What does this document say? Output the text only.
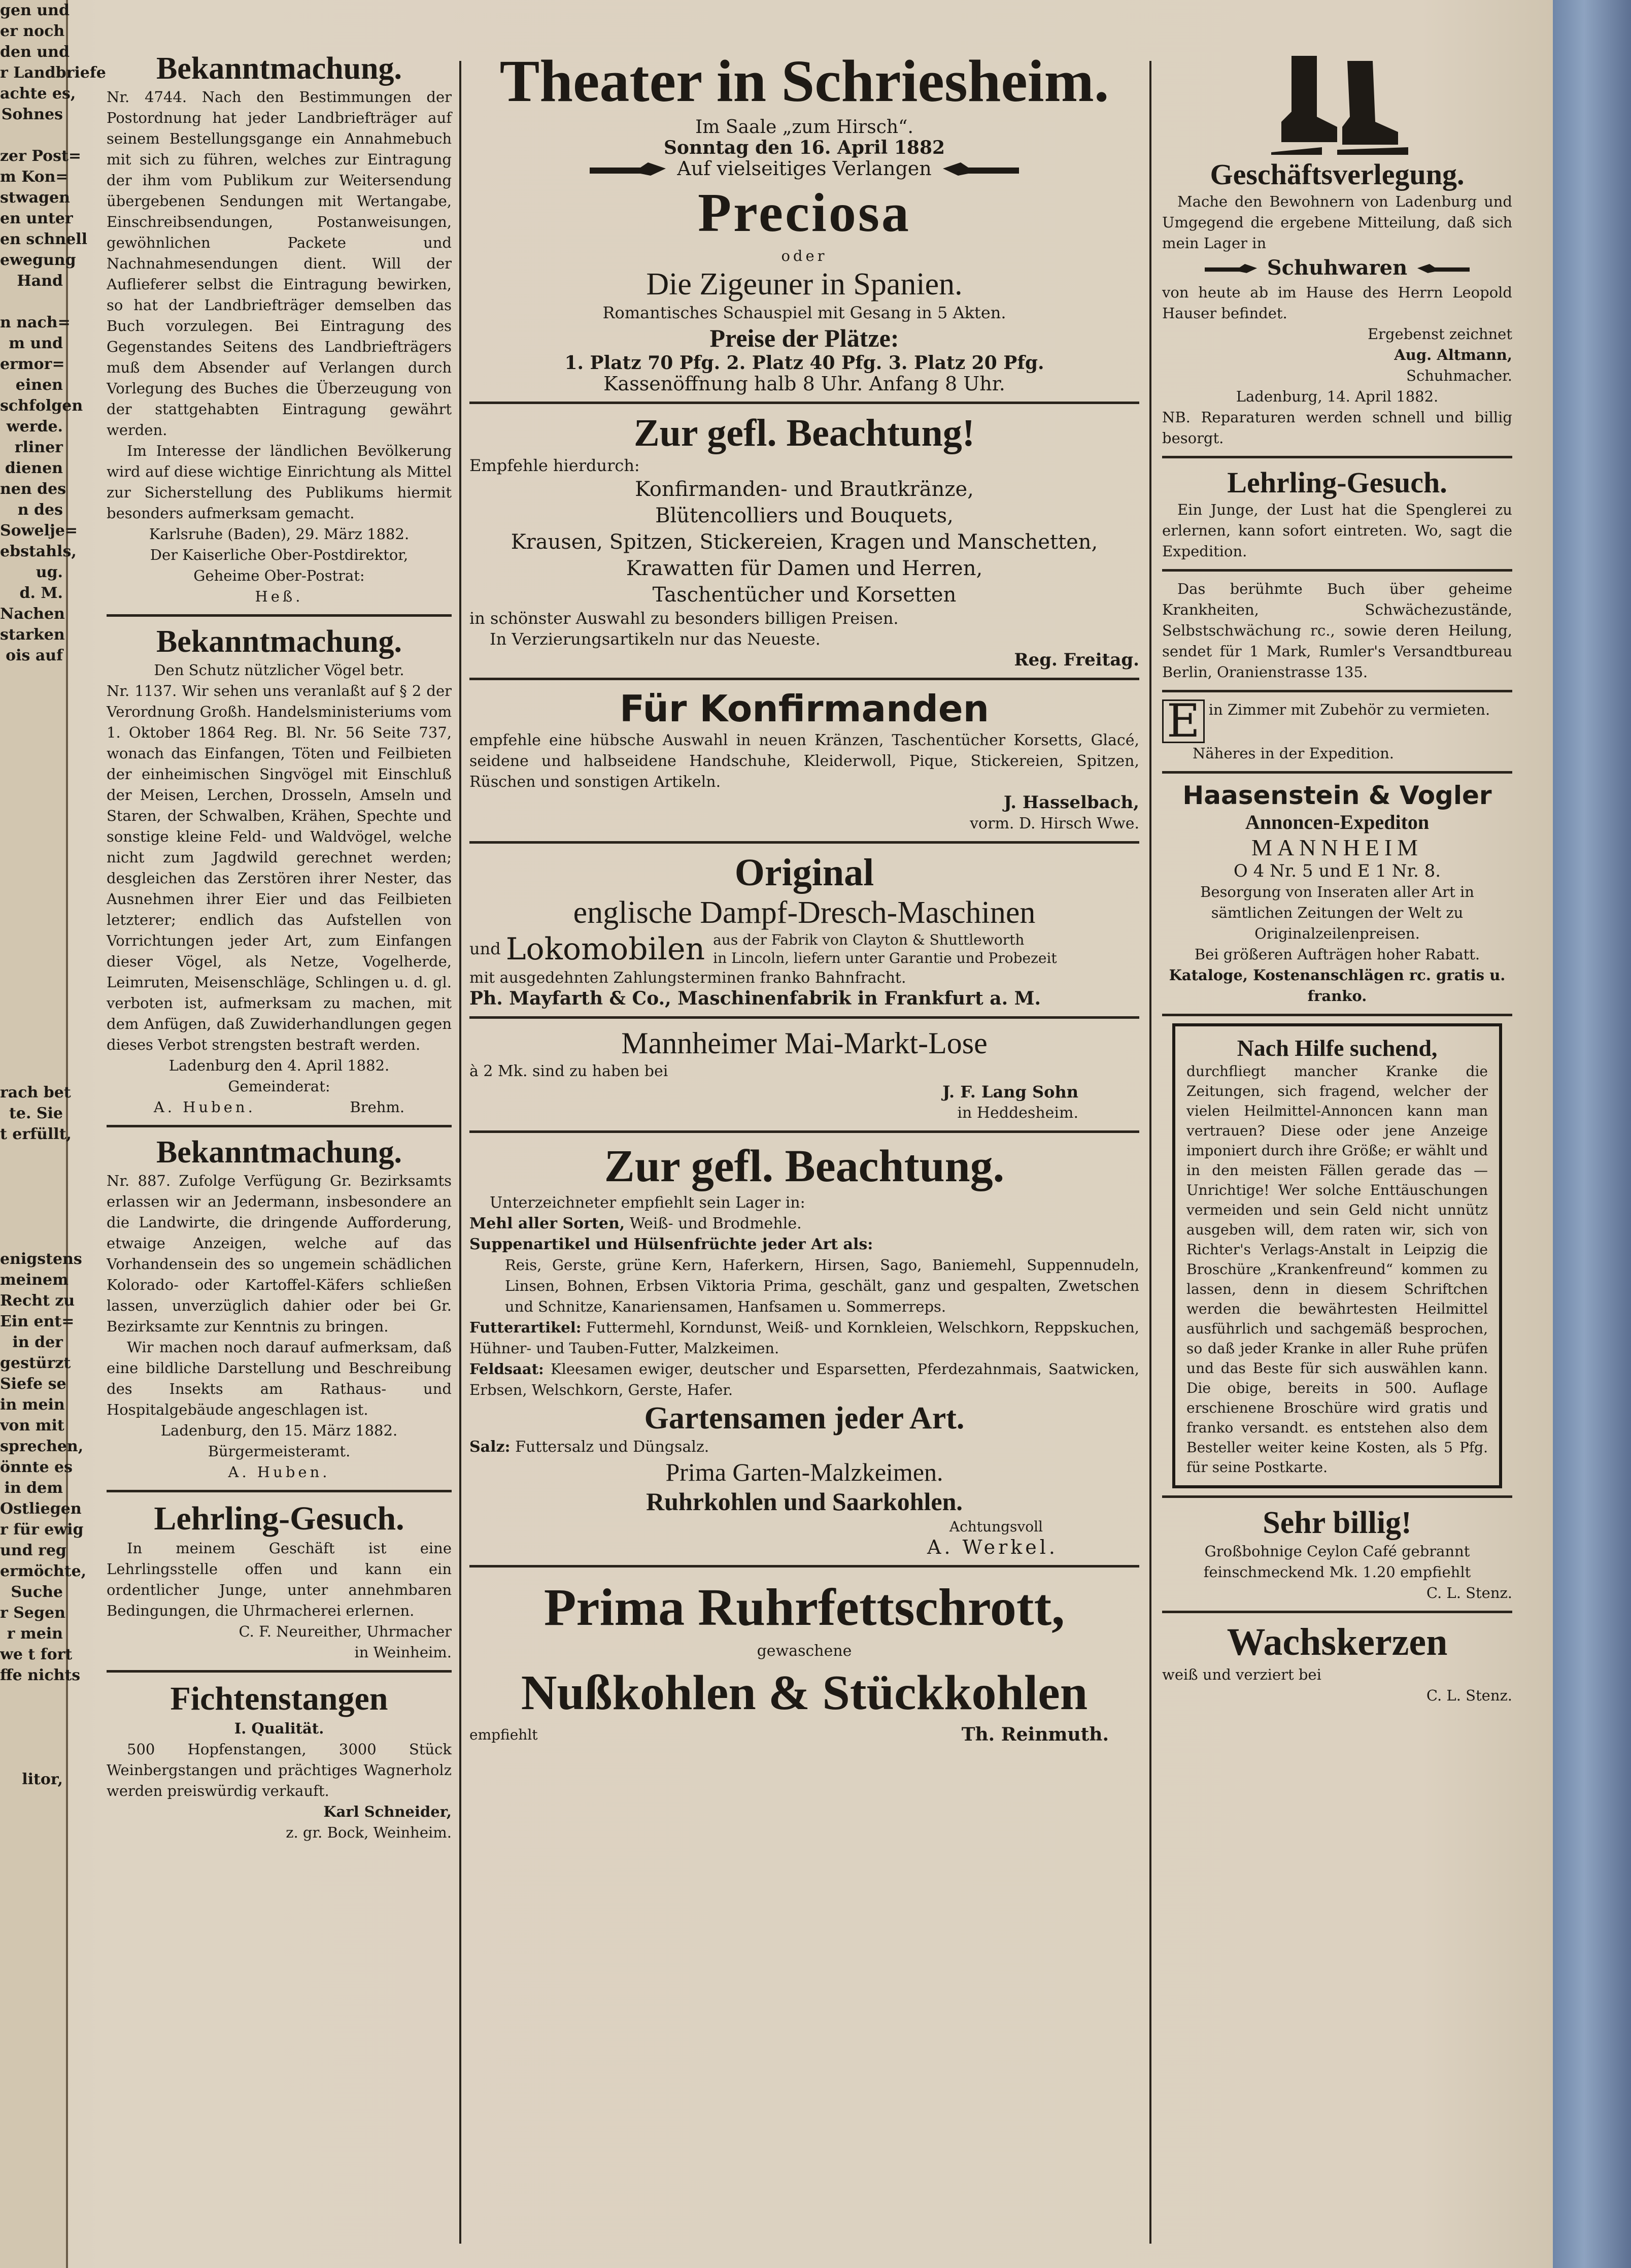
gen und
er noch
den und
r Landbriefe
achte es,
Sohnes

zer Post=
m Kon=
stwagen
en unter
en schnell
ewegung
Hand

n nach=
m und
ermor=
einen
schfolgen
werde.
rliner
dienen
nen des
n des
Sowelje=
ebstahls,
ug.
d. M.
Nachen
starken
ois auf

rach bet
te. Sie
t erfüllt,

enigstens
meinem
Recht zu
Ein ent=
in der
gestürzt
Siefe se
in mein
von mit
sprechen,
önnte es
in dem
Ostliegen
r für ewig
und reg
ermöchte,
Suche
r Segen
r mein
we t fort
ffe nichts

litor,
Bekanntmachung.
Nr. 4744. Nach den Bestimmungen der Postordnung hat jeder Landbriefträger auf seinem Bestellungsgange ein Annahmebuch mit sich zu führen, welches zur Eintragung der ihm vom Publikum zur Weitersendung übergebenen Sendungen mit Wertangabe, Einschreibsendungen, Postanweisungen, gewöhnlichen Packete und Nachnahmesendungen dient. Will der Auflieferer selbst die Eintragung bewirken, so hat der Landbriefträger demselben das Buch vorzulegen. Bei Eintragung des Gegenstandes Seitens des Landbriefträgers muß dem Absender auf Verlangen durch Vorlegung des Buches die Überzeugung von der stattgehabten Eintragung gewährt werden.
Im Interesse der ländlichen Bevölkerung wird auf diese wichtige Einrichtung als Mittel zur Sicherstellung des Publikums hiermit besonders aufmerksam gemacht.
Karlsruhe (Baden), 29. März 1882.
Der Kaiserliche Ober-Postdirektor,
Geheime Ober-Postrat:
Heß.
Bekanntmachung.
Den Schutz nützlicher Vögel betr.
Nr. 1137. Wir sehen uns veranlaßt auf § 2 der Verordnung Großh. Handelsministeriums vom 1. Oktober 1864 Reg. Bl. Nr. 56 Seite 737, wonach das Einfangen, Töten und Feilbieten der einheimischen Singvögel mit Einschluß der Meisen, Lerchen, Drosseln, Amseln und Staren, der Schwalben, Krähen, Spechte und sonstige kleine Feld- und Waldvögel, welche nicht zum Jagdwild gerechnet werden; desgleichen das Zerstören ihrer Nester, das Ausnehmen ihrer Eier und das Feilbieten letzterer; endlich das Aufstellen von Vorrichtungen jeder Art, zum Einfangen dieser Vögel, als Netze, Vogelherde, Leimruten, Meisenschläge, Schlingen u. d. gl. verboten ist, aufmerksam zu machen, mit dem Anfügen, daß Zuwiderhandlungen gegen dieses Verbot strengsten bestraft werden.
Ladenburg den 4. April 1882.
Gemeinderat:
A. Huben.	Brehm.
Bekanntmachung.
Nr. 887. Zufolge Verfügung Gr. Bezirksamts erlassen wir an Jedermann, insbesondere an die Landwirte, die dringende Aufforderung, etwaige Anzeigen, welche auf das Vorhandensein des so ungemein schädlichen Kolorado- oder Kartoffel-Käfers schließen lassen, unverzüglich dahier oder bei Gr. Bezirksamte zur Kenntnis zu bringen.
Wir machen noch darauf aufmerksam, daß eine bildliche Darstellung und Beschreibung des Insekts am Rathaus- und Hospitalgebäude angeschlagen ist.
Ladenburg, den 15. März 1882.
Bürgermeisteramt.
A. Huben.
Lehrling-Gesuch.
In meinem Geschäft ist eine Lehrlingsstelle offen und kann ein ordentlicher Junge, unter annehmbaren Bedingungen, die Uhrmacherei erlernen.
C. F. Neureither, Uhrmacher
in Weinheim.
Fichtenstangen
I. Qualität.
500 Hopfenstangen, 3000 Stück Weinbergstangen und prächtiges Wagnerholz werden preiswürdig verkauft.
Karl Schneider,
z. gr. Bock, Weinheim.
Theater in Schriesheim.
Im Saale „zum Hirsch“.
Sonntag den 16. April 1882
Auf vielseitiges Verlangen
Preciosa
oder
Die Zigeuner in Spanien.
Romantisches Schauspiel mit Gesang in 5 Akten.
Preise der Plätze:
1. Platz 70 Pfg. 2. Platz 40 Pfg. 3. Platz 20 Pfg.
Kassenöffnung halb 8 Uhr. Anfang 8 Uhr.
Zur gefl. Beachtung!
Empfehle hierdurch:
Konfirmanden- und Brautkränze,
Blütencolliers und Bouquets,
Krausen, Spitzen, Stickereien, Kragen und Manschetten,
Krawatten für Damen und Herren,
Taschentücher und Korsetten
in schönster Auswahl zu besonders billigen Preisen.
In Verzierungsartikeln nur das Neueste.
Reg. Freitag.
Für Konfirmanden
empfehle eine hübsche Auswahl in neuen Kränzen, Taschentücher Korsetts, Glacé, seidene und halbseidene Handschuhe, Kleiderwoll, Pique, Stickereien, Spitzen, Rüschen und sonstigen Artikeln.
J. Hasselbach,
vorm. D. Hirsch Wwe.
Original
englische Dampf-Dresch-Maschinen
und Lokomobilen aus der Fabrik von Clayton & Shuttleworth
in Lincoln, liefern unter Garantie und Probezeit
mit ausgedehnten Zahlungsterminen franko Bahnfracht.
Ph. Mayfarth & Co., Maschinenfabrik in Frankfurt a. M.
Mannheimer Mai-Markt-Lose
à 2 Mk. sind zu haben bei
J. F. Lang Sohn
in Heddesheim.
Zur gefl. Beachtung.
Unterzeichneter empfiehlt sein Lager in:
Mehl aller Sorten, Weiß- und Brodmehle.
Suppenartikel und Hülsenfrüchte jeder Art als:
Reis, Gerste, grüne Kern, Haferkern, Hirsen, Sago, Baniemehl, Suppennudeln, Linsen, Bohnen, Erbsen Viktoria Prima, geschält, ganz und gespalten, Zwetschen und Schnitze, Kanariensamen, Hanfsamen u. Sommerreps.
Futterartikel: Futtermehl, Korndunst, Weiß- und Kornkleien, Welschkorn, Reppskuchen, Hühner- und Tauben-Futter, Malzkeimen.
Feldsaat: Kleesamen ewiger, deutscher und Esparsetten, Pferdezahnmais, Saatwicken, Erbsen, Welschkorn, Gerste, Hafer.
Gartensamen jeder Art.
Salz: Futtersalz und Düngsalz.
Prima Garten-Malzkeimen.
Ruhrkohlen und Saarkohlen.
Achtungsvoll
A. Werkel.
Prima Ruhrfettschrott,
gewaschene
Nußkohlen & Stückkohlen
empfiehlt	Th. Reinmuth.
Geschäftsverlegung.
Mache den Bewohnern von Ladenburg und Umgegend die ergebene Mitteilung, daß sich mein Lager in
Schuhwaren
von heute ab im Hause des Herrn Leopold Hauser befindet.
Ergebenst zeichnet
Aug. Altmann,
Schuhmacher.
Ladenburg, 14. April 1882.
NB. Reparaturen werden schnell und billig besorgt.
Lehrling-Gesuch.
Ein Junge, der Lust hat die Spenglerei zu erlernen, kann sofort eintreten. Wo, sagt die Expedition.
Das berühmte Buch über geheime Krankheiten, Schwächezustände, Selbstschwächung rc., sowie deren Heilung, sendet für 1 Mark, Rumler's Versandtbureau Berlin, Oranienstrasse 135.
E in Zimmer mit Zubehör zu vermieten.
Näheres in der Expedition.
Haasenstein & Vogler
Annoncen-Expediton
MANNHEIM
O 4 Nr. 5 und E 1 Nr. 8.
Besorgung von Inseraten aller Art in sämtlichen Zeitungen der Welt zu Originalzeilenpreisen.
Bei größeren Aufträgen hoher Rabatt.
Kataloge, Kostenanschlägen rc. gratis u. franko.
Nach Hilfe suchend,
durchfliegt mancher Kranke die Zeitungen, sich fragend, welcher der vielen Heilmittel-Annoncen kann man vertrauen? Diese oder jene Anzeige imponiert durch ihre Größe; er wählt und in den meisten Fällen gerade das — Unrichtige! Wer solche Enttäuschungen vermeiden und sein Geld nicht unnütz ausgeben will, dem raten wir, sich von Richter's Verlags-Anstalt in Leipzig die Broschüre „Krankenfreund“ kommen zu lassen, denn in diesem Schriftchen werden die bewährtesten Heilmittel ausführlich und sachgemäß besprochen, so daß jeder Kranke in aller Ruhe prüfen und das Beste für sich auswählen kann. Die obige, bereits in 500. Auflage erschienene Broschüre wird gratis und franko versandt. es entstehen also dem Besteller weiter keine Kosten, als 5 Pfg. für seine Postkarte.
Sehr billig!
Großbohnige Ceylon Café gebrannt feinschmeckend Mk. 1.20 empfiehlt
C. L. Stenz.
Wachskerzen
weiß und verziert bei
C. L. Stenz.
